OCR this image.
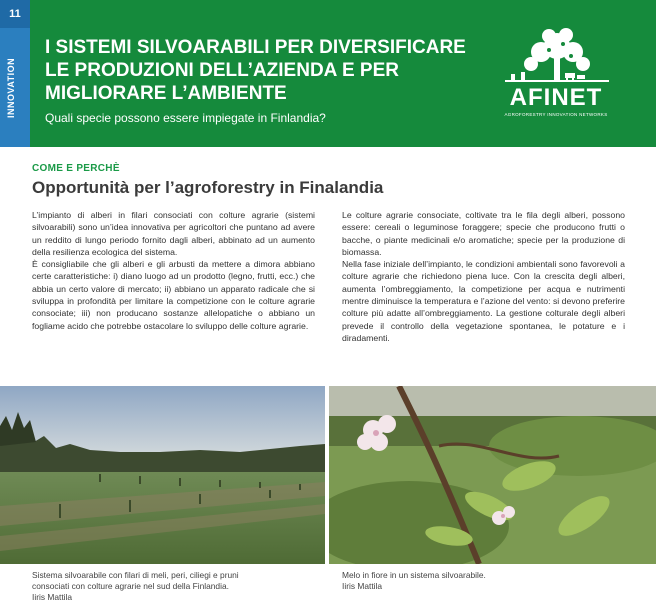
11
INNOVATION
I SISTEMI SILVOARABILI PER DIVERSIFICARE
LE PRODUZIONI DELL’AZIENDA E PER
MIGLIORARE L’AMBIENTE

Quali specie possono essere impiegate in Finlandia?

AFINET
AGROFORESTRY INNOVATION NETWORKS
COME E PERCHÈ
Opportunità per l’agroforestry in Finalandia

L’impianto di alberi in filari consociati con colture agrarie (sistemi silvoarabili) sono un’idea innovativa per agricoltori che puntano ad avere un reddito di lungo periodo fornito dagli alberi, abbinato ad un aumento della resilienza ecologica del sistema.

È consigliabile che gli alberi e gli arbusti da mettere a dimora abbiano certe caratteristiche: i) diano luogo ad un prodotto (legno, frutti, ecc.) che abbia un certo valore di mercato; ii) abbiano un apparato radicale che si sviluppa in profondità per limitare la competizione con le colture agrarie consociate; iii) non producano sostanze allelopatiche o abbiano un fogliame acido che potrebbe ostacolare lo sviluppo delle colture agrarie.

Le colture agrarie consociate, coltivate tra le fila degli alberi, possono essere: cereali o leguminose foraggere; specie che producono frutti o bacche, o piante medicinali e/o aromatiche; specie per la produzione di biomassa.

Nella fase iniziale dell’impianto, le condizioni ambientali sono favorevoli a colture agrarie che richiedono piena luce. Con la crescita degli alberi, aumenta l’ombreggiamento, la competizione per acqua e nutrimenti mentre diminuisce la temperatura e l’azione del vento: si devono preferire colture più adatte all’ombreggiamento. La gestione colturale degli alberi prevede il controllo della vegetazione spontanea, le potature e i diradamenti.

Sistema silvoarabile con filari di meli, peri, ciliegi e pruni
consociati con colture agrarie nel sud della Finlandia.
Iiris Mattila
Melo in fiore in un sistema silvoarabile.
Iiris Mattila
